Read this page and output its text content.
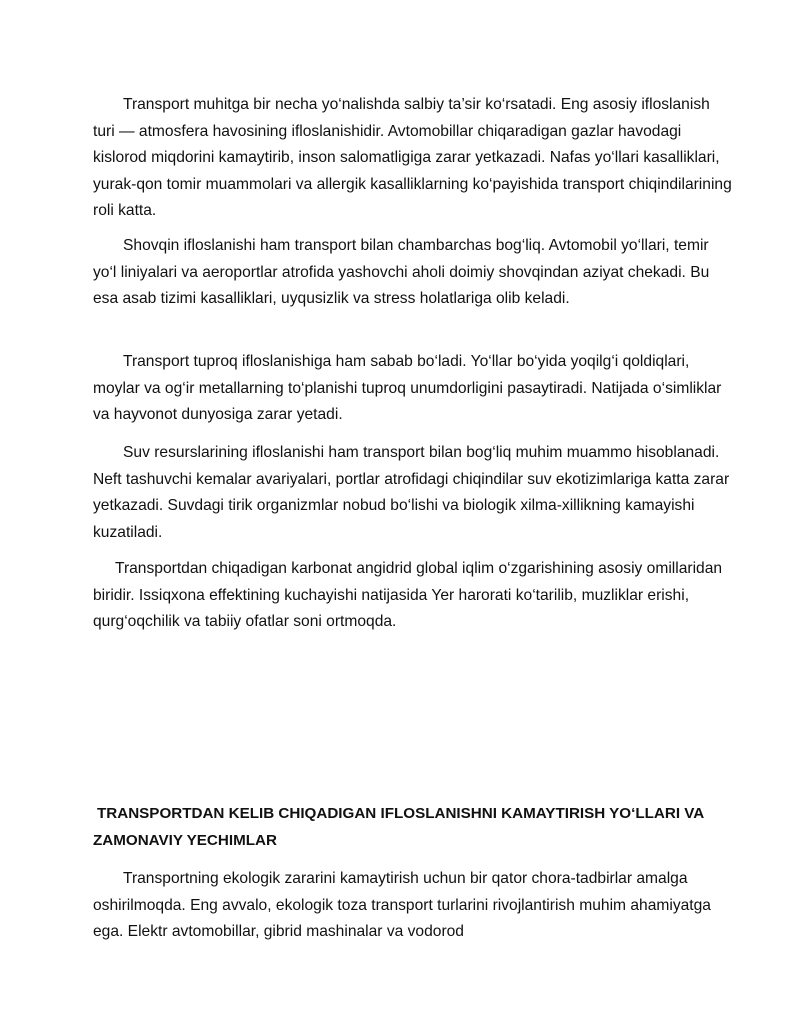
Transport muhitga bir necha yo‘nalishda salbiy ta’sir ko‘rsatadi. Eng asosiy ifloslanish turi — atmosfera havosining ifloslanishidir. Avtomobillar chiqaradigan gazlar havodagi kislorod miqdorini kamaytirib, inson salomatligiga zarar yetkazadi. Nafas yo‘llari kasalliklari, yurak-qon tomir muammolari va allergik kasalliklarning ko‘payishida transport chiqindilarining roli katta.

Shovqin ifloslanishi ham transport bilan chambarchas bog‘liq. Avtomobil yo‘llari, temir yo‘l liniyalari va aeroportlar atrofida yashovchi aholi doimiy shovqindan aziyat chekadi. Bu esa asab tizimi kasalliklari, uyqusizlik va stress holatlariga olib keladi.

Transport tuproq ifloslanishiga ham sabab bo‘ladi. Yo‘llar bo‘yida yoqilg‘i qoldiqlari, moylar va og‘ir metallarning to‘planishi tuproq unumdorligini pasaytiradi. Natijada o‘simliklar va hayvonot dunyosiga zarar yetadi.

Suv resurslarining ifloslanishi ham transport bilan bog‘liq muhim muammo hisoblanadi. Neft tashuvchi kemalar avariyalari, portlar atrofidagi chiqindilar suv ekotizimlariga katta zarar yetkazadi. Suvdagi tirik organizmlar nobud bo‘lishi va biologik xilma-xillikning kamayishi kuzatiladi.

Transportdan chiqadigan karbonat angidrid global iqlim o‘zgarishining asosiy omillaridan biridir. Issiqxona effektining kuchayishi natijasida Yer harorati ko‘tarilib, muzliklar erishi, qurg‘oqchilik va tabiiy ofatlar soni ortmoqda.

TRANSPORTDAN KELIB CHIQADIGAN IFLOSLANISHNI KAMAYTIRISH YO‘LLARI VA ZAMONAVIY YECHIMLAR

Transportning ekologik zararini kamaytirish uchun bir qator chora-tadbirlar amalga oshirilmoqda. Eng avvalo, ekologik toza transport turlarini rivojlantirish muhim ahamiyatga ega. Elektr avtomobillar, gibrid mashinalar va vodorod
